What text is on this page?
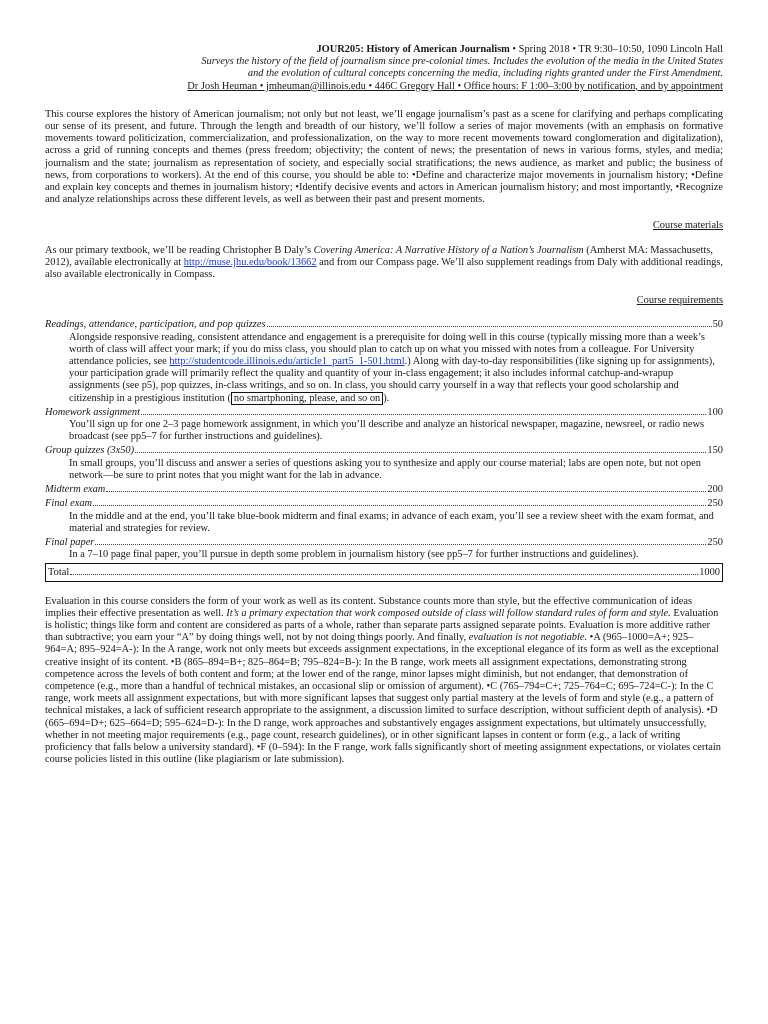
JOUR205: History of American Journalism • Spring 2018 • TR 9:30–10:50, 1090 Lincoln Hall

Surveys the history of the field of journalism since pre-colonial times. Includes the evolution of the media in the United States and the evolution of cultural concepts concerning the media, including rights granted under the First Amendment.

Dr Josh Heuman • jmheuman@illinois.edu • 446C Gregory Hall • Office hours: F 1:00–3:00 by notification, and by appointment

This course explores the history of American journalism; not only but not least, we’ll engage journalism’s past as a scene for clarifying and perhaps complicating our sense of its present, and future. Through the length and breadth of our history, we’ll follow a series of major movements (with an emphasis on formative movements toward politicization, commercialization, and professionalization, on the way to more recent movements toward conglomeration and digitalization), across a grid of running concepts and themes (press freedom; objectivity; the content of news; the presentation of news in various forms, styles, and media; journalism and the state; journalism as representation of society, and especially social stratifications; the news audience, as market and public; the business of news, from corporations to workers). At the end of this course, you should be able to: •Define and characterize major movements in journalism history; •Define and explain key concepts and themes in journalism history; •Identify decisive events and actors in American journalism history; and most importantly, •Recognize and analyze relationships across these different levels, as well as between their past and present moments.

Course materials

As our primary textbook, we’ll be reading Christopher B Daly’s Covering America: A Narrative History of a Nation’s Journalism (Amherst MA: Massachusetts, 2012), available electronically at http://muse.jhu.edu/book/13662 and from our Compass page. We’ll also supplement readings from Daly with additional readings, also available electronically in Compass.

Course requirements
Readings, attendance, participation, and pop quizzes	50

Alongside responsive reading, consistent attendance and engagement is a prerequisite for doing well in this course (typically missing more than a week’s worth of class will affect your mark; if you do miss class, you should plan to catch up on what you missed with notes from a colleague. For University attendance policies, see http://studentcode.illinois.edu/article1_part5_1-501.html.) Along with day-to-day responsibilities (like signing up for assignments), your participation grade will primarily reflect the quality and quantity of your in-class engagement; it also includes informal catchup-and-wrapup assignments (see p5), pop quizzes, in-class writings, and so on. In class, you should carry yourself in a way that reflects your good scholarship and citizenship in a prestigious institution ( no smartphoning, please, and so on ).

Homework assignment	100

You’ll sign up for one 2–3 page homework assignment, in which you’ll describe and analyze an historical newspaper, magazine, newsreel, or radio news broadcast (see pp5–7 for further instructions and guidelines).

Group quizzes (3x50)	150

In small groups, you’ll discuss and answer a series of questions asking you to synthesize and apply our course material; labs are open note, but not open network—be sure to print notes that you might want for the lab in advance.

Midterm exam	200
Final exam	250

In the middle and at the end, you’ll take blue-book midterm and final exams; in advance of each exam, you’ll see a review sheet with the exam format, and material and strategies for review.

Final paper	250

In a 7–10 page final paper, you’ll pursue in depth some problem in journalism history (see pp5–7 for further instructions and guidelines).

Total	1000

Evaluation in this course considers the form of your work as well as its content. Substance counts more than style, but the effective communication of ideas implies their effective presentation as well. It’s a primary expectation that work composed outside of class will follow standard rules of form and style. Evaluation is holistic; things like form and content are considered as parts of a whole, rather than separate parts assigned separate points. Evaluation is more additive rather than subtractive; you earn your “A” by doing things well, not by not doing things poorly. And finally, evaluation is not negotiable. •A (965–1000=A+; 925–964=A; 895–924=A-): In the A range, work not only meets but exceeds assignment expectations, in the exceptional elegance of its form as well as the exceptional creative insight of its content. •B (865–894=B+; 825–864=B; 795–824=B-): In the B range, work meets all assignment expectations, demonstrating strong competence across the levels of both content and form; at the lower end of the range, minor lapses might diminish, but not endanger, that demonstration of competence (e.g., more than a handful of technical mistakes, an occasional slip or omission of argument). •C (765–794=C+; 725–764=C; 695–724=C-): In the C range, work meets all assignment expectations, but with more significant lapses that suggest only partial mastery at the levels of form and style (e.g., a pattern of technical mistakes, a lack of sufficient research appropriate to the assignment, a discussion limited to surface description, without sufficient depth of analysis). •D (665–694=D+; 625–664=D; 595–624=D-): In the D range, work approaches and substantively engages assignment expectations, but ultimately unsuccessfully, whether in not meeting major requirements (e.g., page count, research guidelines), or in other significant lapses in content or form (e.g., a lack of writing proficiency that falls below a university standard). •F (0–594): In the F range, work falls significantly short of meeting assignment expectations, or violates certain course policies listed in this outline (like plagiarism or late submission).
